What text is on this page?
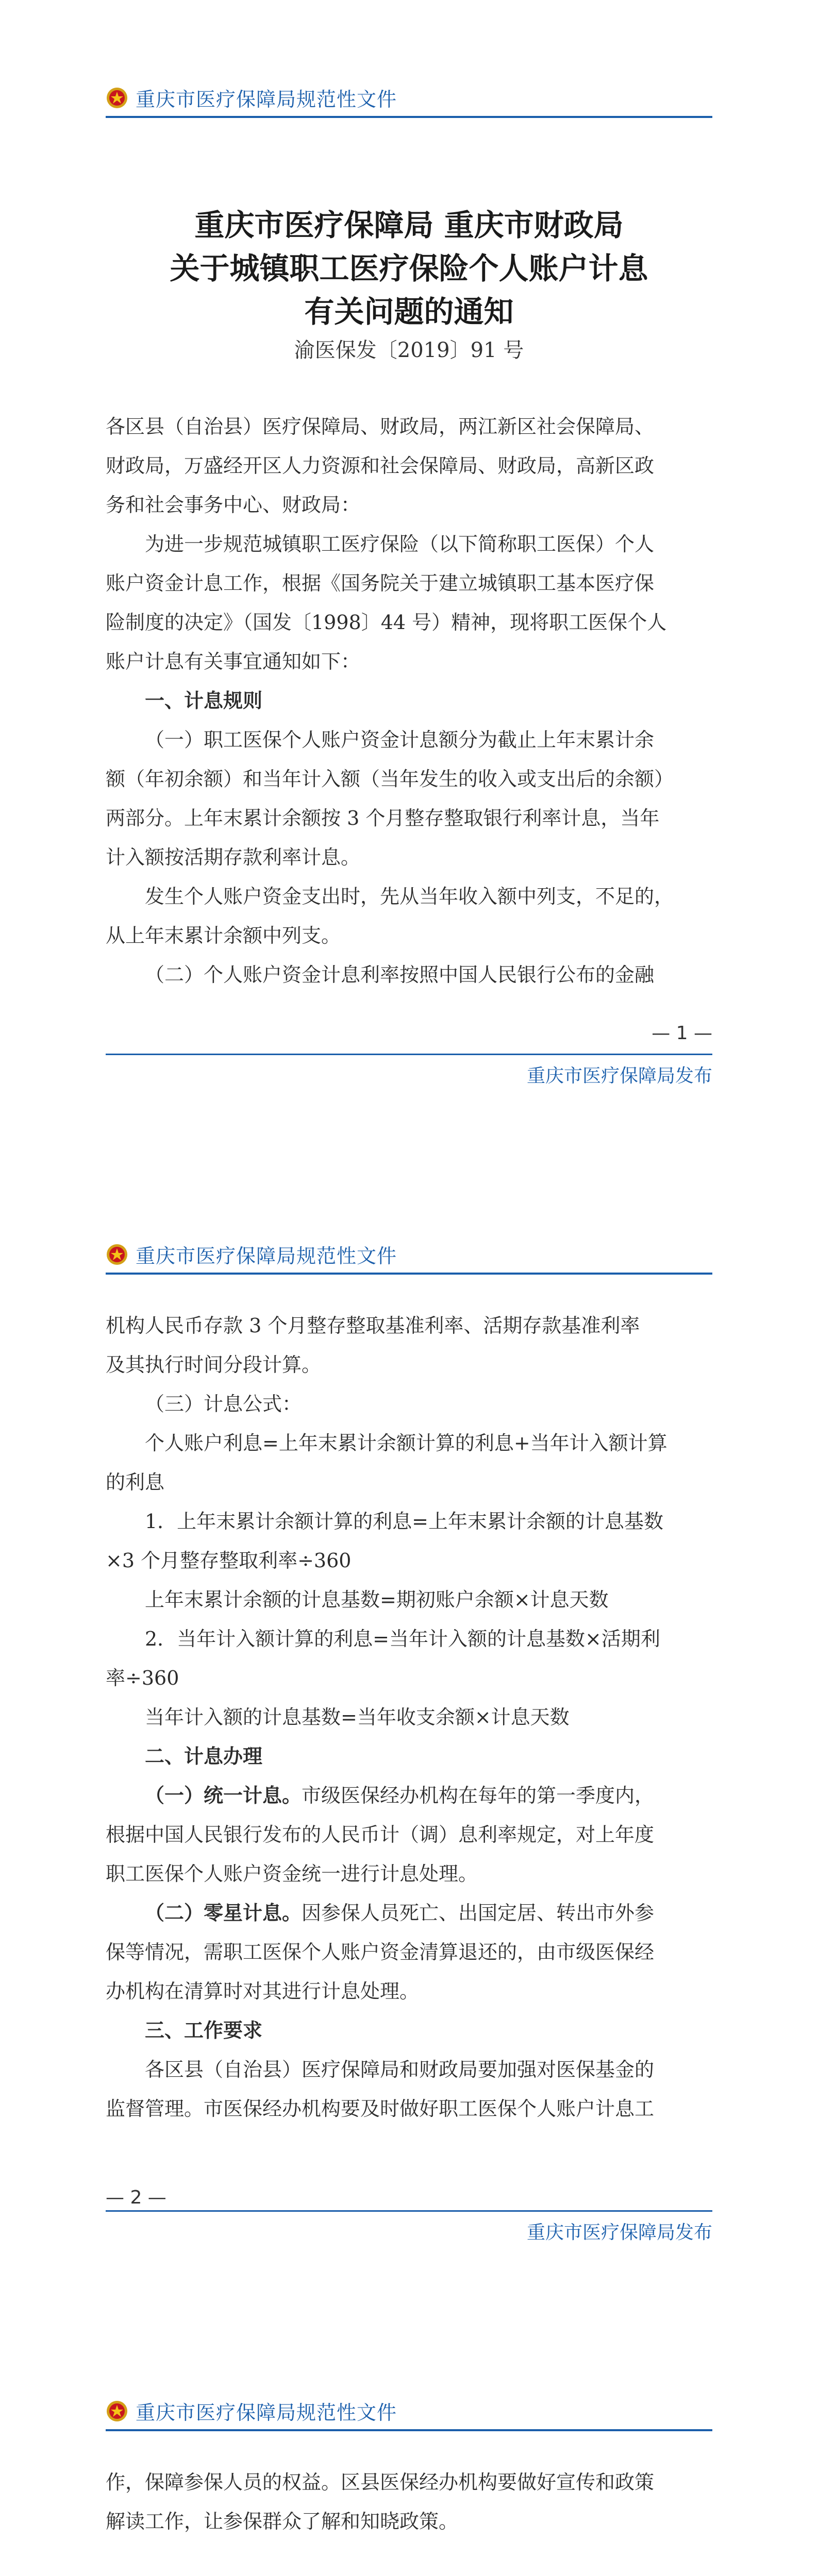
重庆市医疗保障局规范性文件
重庆市医疗保障局 重庆市财政局
关于城镇职工医疗保险个人账户计息
有关问题的通知
渝医保发〔2019〕91 号

各区县（自治县）医疗保障局、财政局，两江新区社会保障局、

财政局，万盛经开区人力资源和社会保障局、财政局，高新区政

务和社会事务中心、财政局：

为进一步规范城镇职工医疗保险（以下简称职工医保）个人

账户资金计息工作，根据《国务院关于建立城镇职工基本医疗保

险制度的决定》（国发〔1998〕44 号）精神，现将职工医保个人

账户计息有关事宜通知如下：

一、计息规则

（一）职工医保个人账户资金计息额分为截止上年末累计余

额（年初余额）和当年计入额（当年发生的收入或支出后的余额）

两部分。上年末累计余额按 3 个月整存整取银行利率计息，当年

计入额按活期存款利率计息。

发生个人账户资金支出时，先从当年收入额中列支，不足的，

从上年末累计余额中列支。

（二）个人账户资金计息利率按照中国人民银行公布的金融

— 1 —
重庆市医疗保障局发布
重庆市医疗保障局规范性文件

机构人民币存款 3 个月整存整取基准利率、活期存款基准利率

及其执行时间分段计算。

（三）计息公式：

个人账户利息=上年末累计余额计算的利息+当年计入额计算

的利息

1．上年末累计余额计算的利息=上年末累计余额的计息基数

×3 个月整存整取利率÷360

上年末累计余额的计息基数=期初账户余额×计息天数

2．当年计入额计算的利息=当年计入额的计息基数×活期利

率÷360

当年计入额的计息基数=当年收支余额×计息天数

二、计息办理

（一）统一计息。市级医保经办机构在每年的第一季度内，

根据中国人民银行发布的人民币计（调）息利率规定，对上年度

职工医保个人账户资金统一进行计息处理。

（二）零星计息。因参保人员死亡、出国定居、转出市外参

保等情况，需职工医保个人账户资金清算退还的，由市级医保经

办机构在清算时对其进行计息处理。

三、工作要求

各区县（自治县）医疗保障局和财政局要加强对医保基金的

监督管理。市医保经办机构要及时做好职工医保个人账户计息工

— 2 —
重庆市医疗保障局发布
重庆市医疗保障局规范性文件

作，保障参保人员的权益。区县医保经办机构要做好宣传和政策

解读工作，让参保群众了解和知晓政策。
